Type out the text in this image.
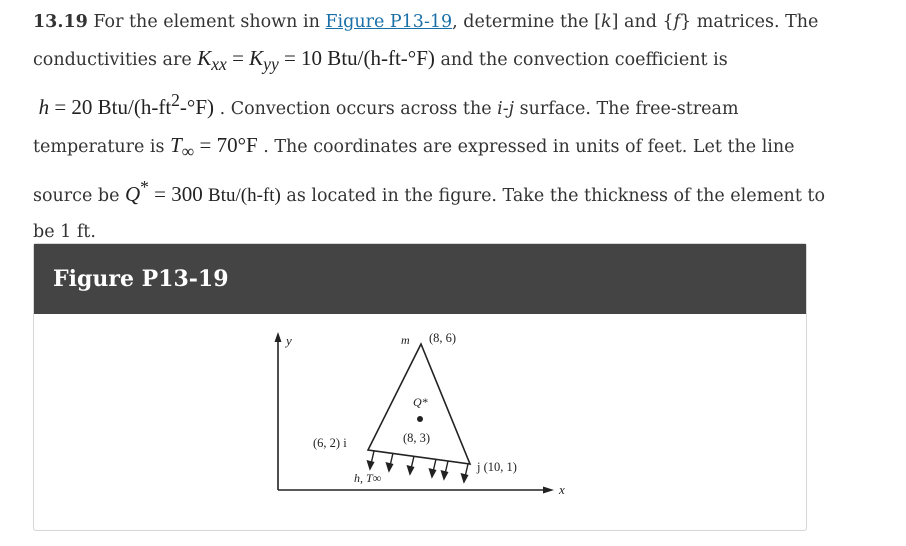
13.19 For the element shown in Figure P13-19, determine the [k] and {f} matrices. The conductivities are $K_{xx} = K_{yy} = 10$ Btu/(h-ft-°F) and the convection coefficient is
h = 20 Btu/$(h-ft^2-^\circ F)$ . Convection occurs across the i-j surface. The free-stream temperature is $T_\infty = 70^\circ F$ . The coordinates are expressed in units of feet. Let the line source be Q* = 300 Btu/(h-ft) as located in the figure. Take the thickness of the element to be 1 ft.
Figure P13-19
y
x
m (8, 6)
Q*
(8, 3)
(6, 2) i
j (10, 1)
h, T∞
